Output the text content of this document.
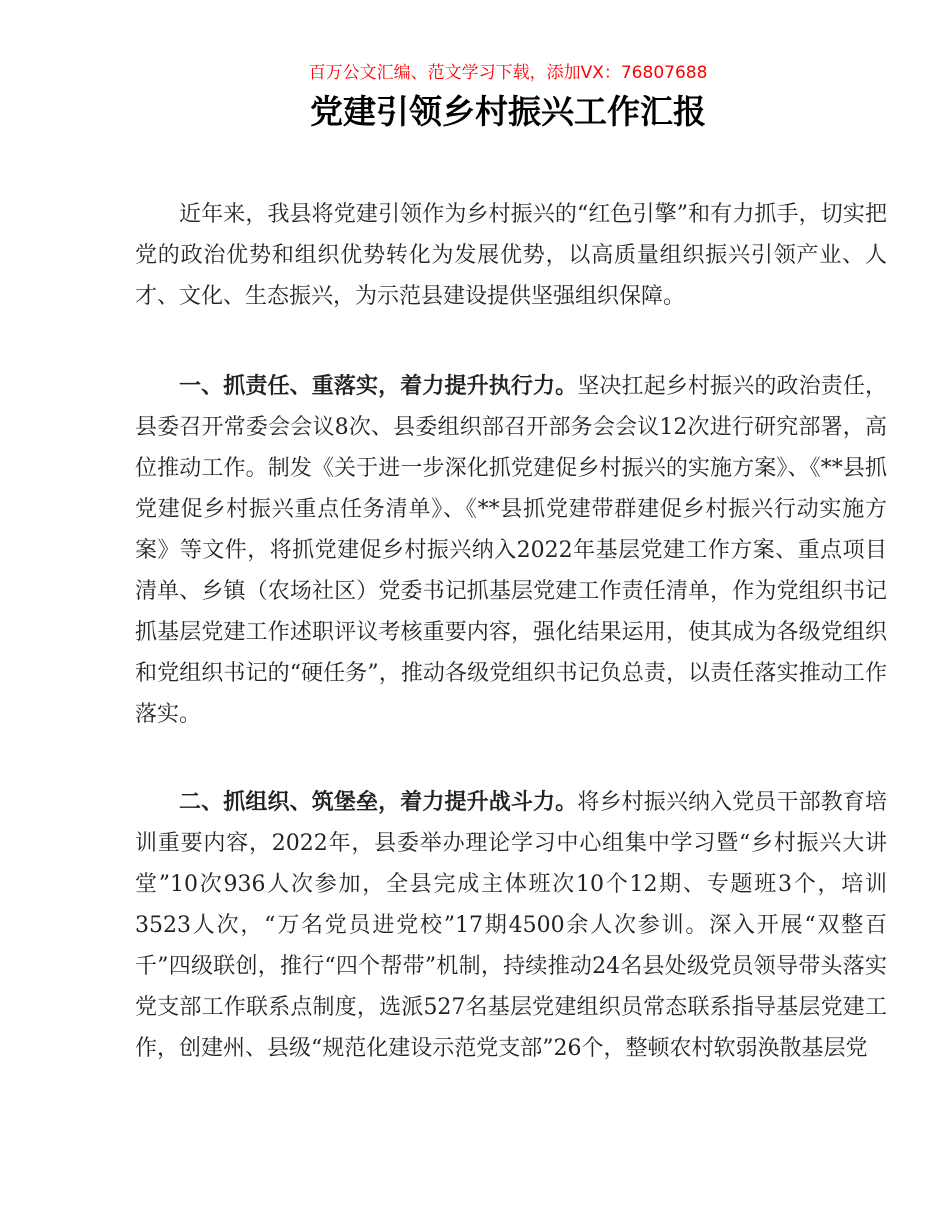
百万公文汇编、范文学习下载，添加VX：76807688
党建引领乡村振兴工作汇报

近年来，我县将党建引领作为乡村振兴的“红色引擎”和有力抓手，切实把党的政治优势和组织优势转化为发展优势，以高质量组织振兴引领产业、人才、文化、生态振兴，为示范县建设提供坚强组织保障。

一、抓责任、重落实，着力提升执行力。坚决扛起乡村振兴的政治责任，县委召开常委会会议8次、县委组织部召开部务会会议12次进行研究部署，高位推动工作。制发《关于进一步深化抓党建促乡村振兴的实施方案》、《**县抓党建促乡村振兴重点任务清单》、《**县抓党建带群建促乡村振兴行动实施方案》等文件，将抓党建促乡村振兴纳入2022年基层党建工作方案、重点项目清单、乡镇（农场社区）党委书记抓基层党建工作责任清单，作为党组织书记抓基层党建工作述职评议考核重要内容，强化结果运用，使其成为各级党组织和党组织书记的“硬任务”，推动各级党组织书记负总责，以责任落实推动工作落实。

二、抓组织、筑堡垒，着力提升战斗力。将乡村振兴纳入党员干部教育培训重要内容，2022年，县委举办理论学习中心组集中学习暨“乡村振兴大讲堂”10次936人次参加，全县完成主体班次10个12期、专题班3个，培训3523人次，“万名党员进党校”17期4500余人次参训。深入开展“双整百千”四级联创，推行“四个帮带”机制，持续推动24名县处级党员领导带头落实党支部工作联系点制度，选派527名基层党建组织员常态联系指导基层党建工作，创建州、县级“规范化建设示范党支部”26个，整顿农村软弱涣散基层党
